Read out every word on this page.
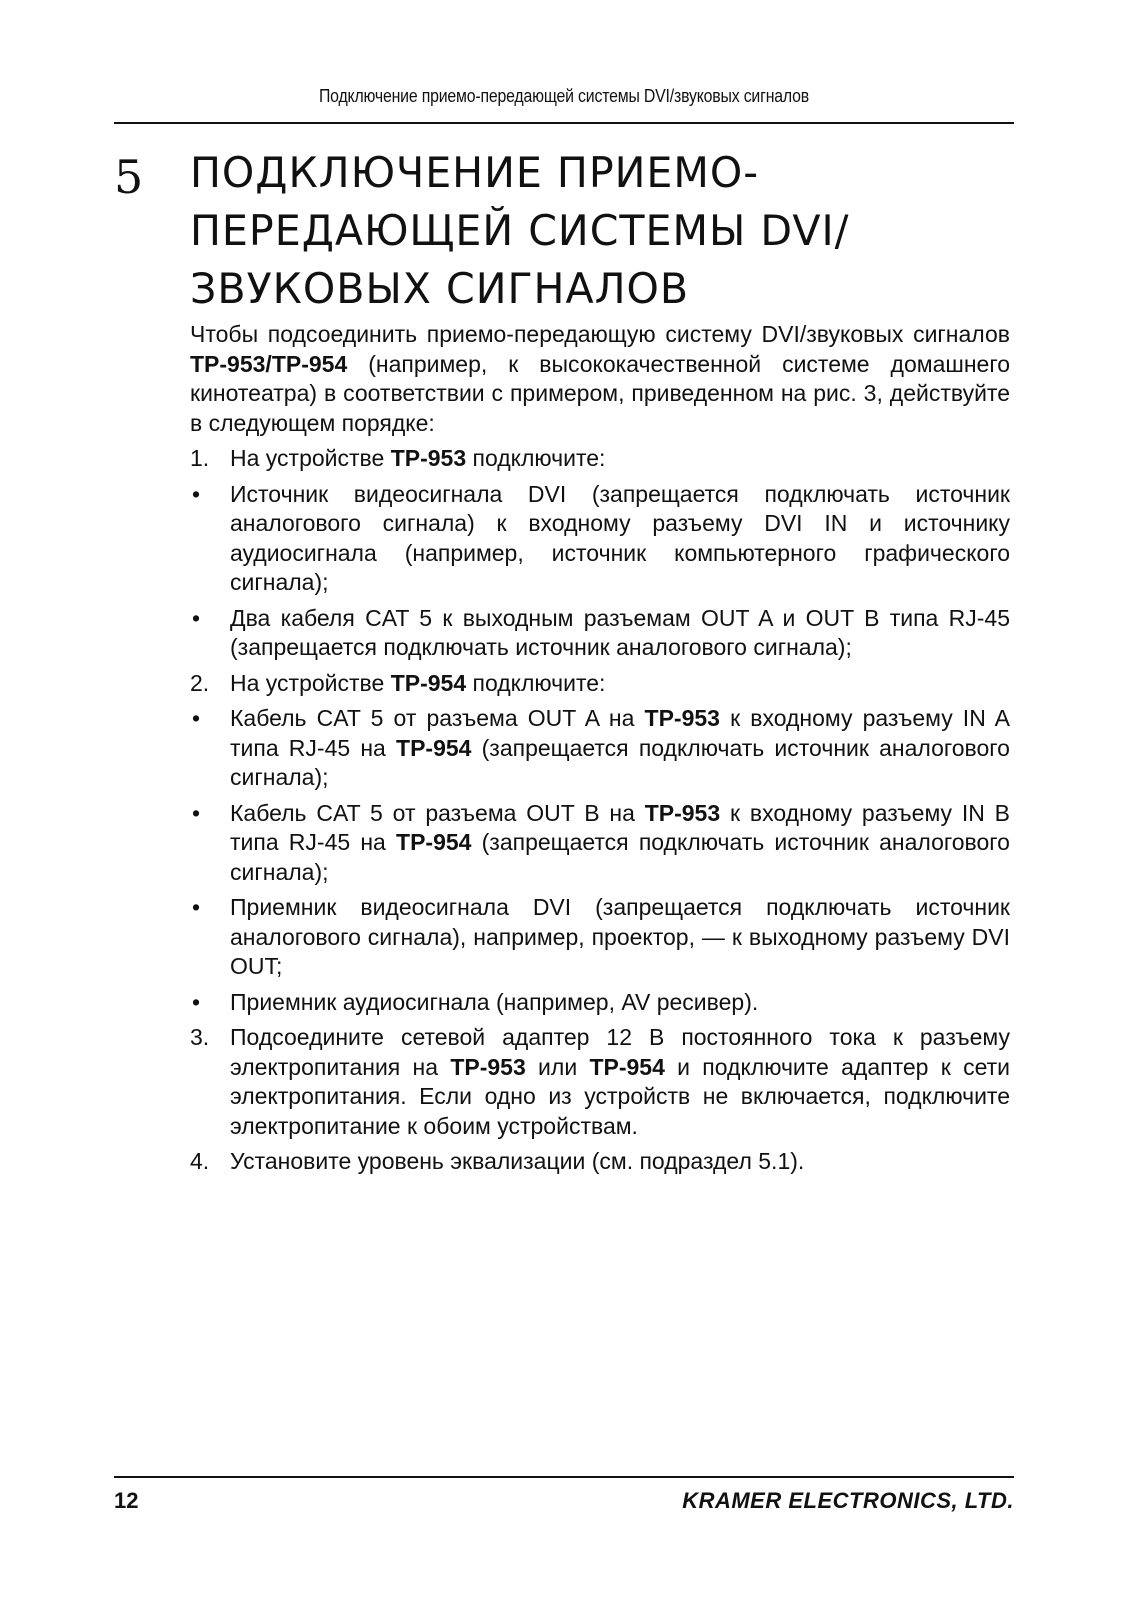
Подключение приемо-передающей системы DVI/звуковых сигналов
5 ПОДКЛЮЧЕНИЕ ПРИЕМО-
ПЕРЕДАЮЩЕЙ СИСТЕМЫ DVI/
ЗВУКОВЫХ СИГНАЛОВ

Чтобы подсоединить приемо-передающую систему DVI/звуковых сигналов TP-953/TP-954 (например, к высококачественной системе домашнего кинотеатра) в соответствии с примером, приведенном на рис. 3, действуйте в следующем порядке:

1. На устройстве TP-953 подключите:
• Источник видеосигнала DVI (запрещается подключать источник аналогового сигнала) к входному разъему DVI IN и источнику аудиосигнала (например, источник компьютерного графического сигнала);
• Два кабеля CAT 5 к выходным разъемам OUT A и OUT B типа RJ-45 (запрещается подключать источник аналогового сигнала);
2. На устройстве TP-954 подключите:
• Кабель CAT 5 от разъема OUT A на TP-953 к входному разъему IN A типа RJ-45 на TP-954 (запрещается подключать источник аналогового сигнала);
• Кабель CAT 5 от разъема OUT B на TP-953 к входному разъему IN B типа RJ-45 на TP-954 (запрещается подключать источник аналогового сигнала);
• Приемник видеосигнала DVI (запрещается подключать источник аналогового сигнала), например, проектор, — к выходному разъему DVI OUT;
• Приемник аудиосигнала (например, AV ресивер).
3. Подсоедините сетевой адаптер 12 В постоянного тока к разъему электропитания на TP-953 или TP-954 и подключите адаптер к сети электропитания. Если одно из устройств не включается, подключите электропитание к обоим устройствам.
4. Установите уровень эквализации (см. подраздел 5.1).
12	KRAMER ELECTRONICS, LTD.
